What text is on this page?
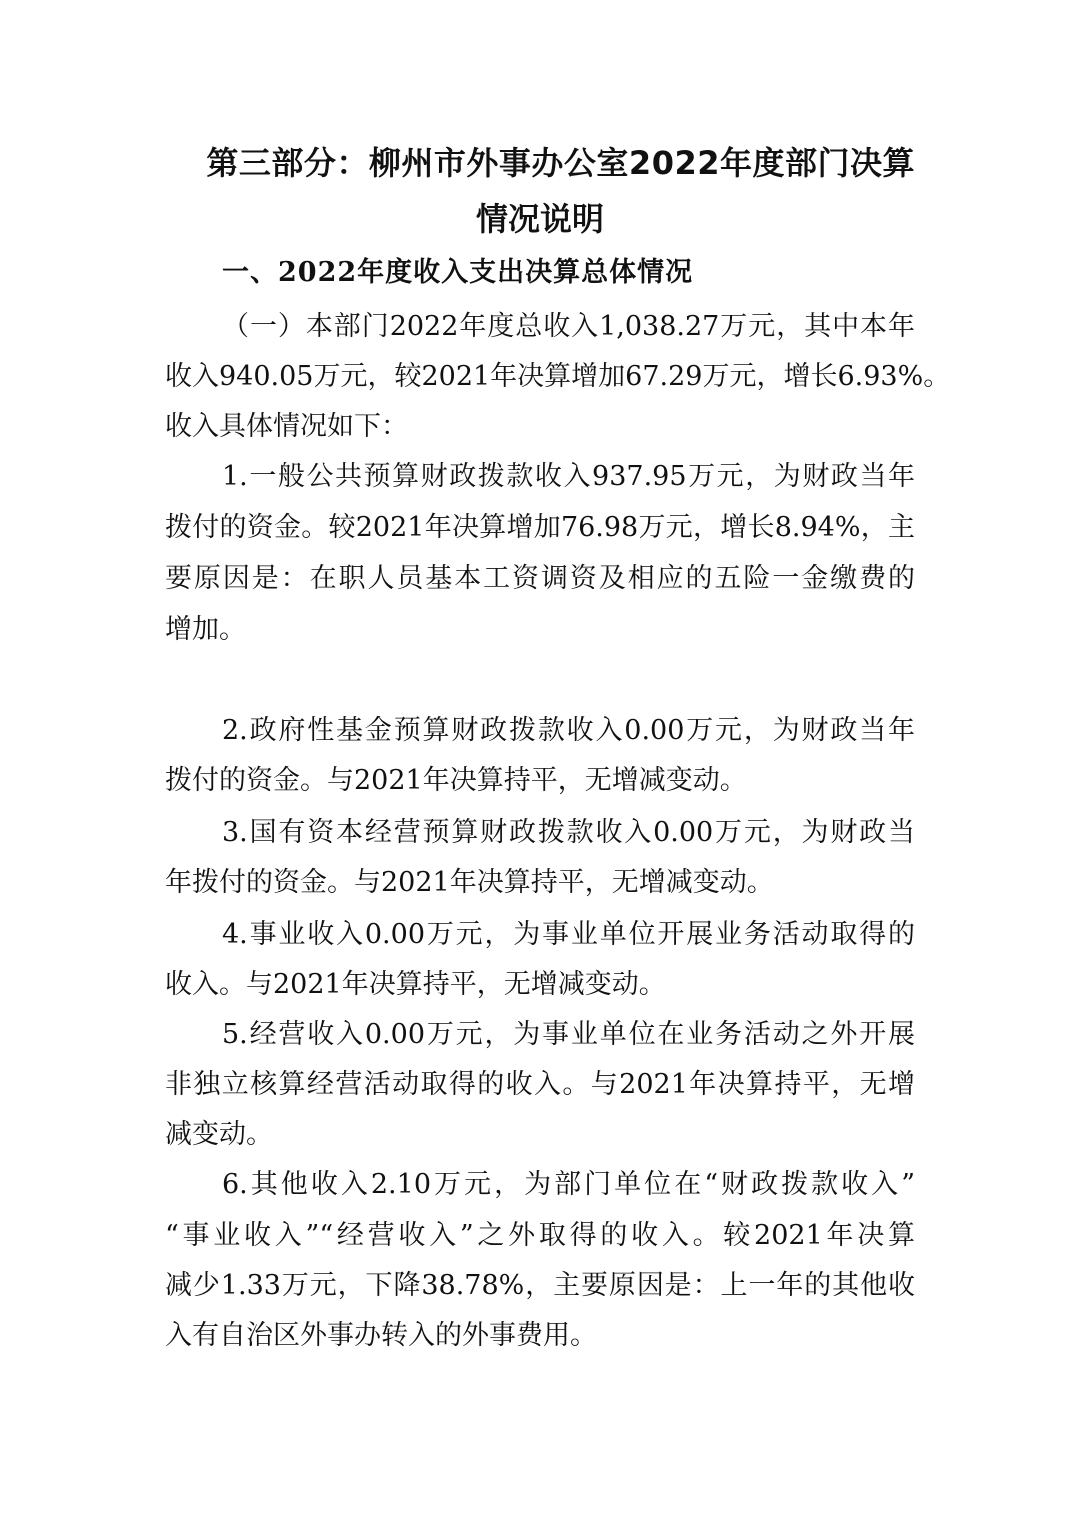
第三部分：柳州市外事办公室2022年度部门决算
情况说明
一、2022年度收入支出决算总体情况
（一）本部门2022年度总收入1,038.27万元，其中本年
收入940.05万元，较2021年决算增加67.29万元，增长6.93%。
收入具体情况如下：
1.一般公共预算财政拨款收入937.95万元，为财政当年
拨付的资金。较2021年决算增加76.98万元，增长8.94%，主
要原因是：在职人员基本工资调资及相应的五险一金缴费的
增加。
2.政府性基金预算财政拨款收入0.00万元，为财政当年
拨付的资金。与2021年决算持平，无增减变动。
3.国有资本经营预算财政拨款收入0.00万元，为财政当
年拨付的资金。与2021年决算持平，无增减变动。
4.事业收入0.00万元，为事业单位开展业务活动取得的
收入。与2021年决算持平，无增减变动。
5.经营收入0.00万元，为事业单位在业务活动之外开展
非独立核算经营活动取得的收入。与2021年决算持平，无增
减变动。
6.其他收入2.10万元，为部门单位在“财政拨款收入”
“事业收入”“经营收入”之外取得的收入。较2021年决算
减少1.33万元，下降38.78%，主要原因是：上一年的其他收
入有自治区外事办转入的外事费用。
